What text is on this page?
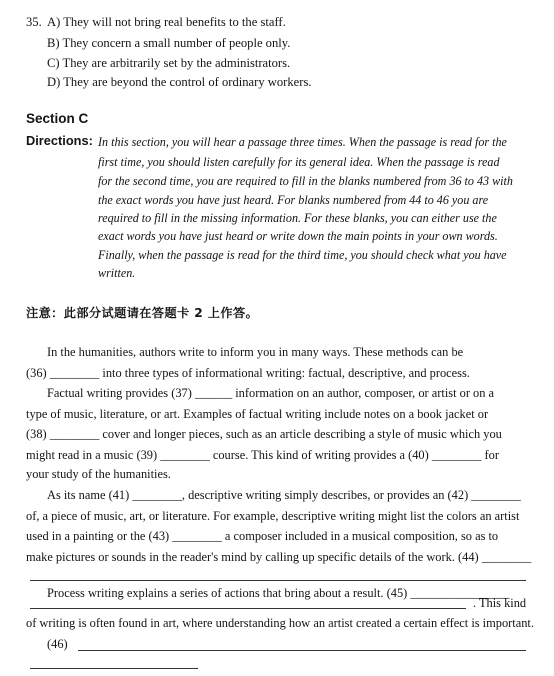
35. A) They will not bring real benefits to the staff.
B) They concern a small number of people only.
C) They are arbitrarily set by the administrators.
D) They are beyond the control of ordinary workers.
Section C
Directions: In this section, you will hear a passage three times. When the passage is read for the
first time, you should listen carefully for its general idea. When the passage is read
for the second time, you are required to fill in the blanks numbered from 36 to 43 with
the exact words you have just heard. For blanks numbered from 44 to 46 you are
required to fill in the missing information. For these blanks, you can either use the
exact words you have just heard or write down the main points in your own words.
Finally, when the passage is read for the third time, you should check what you have
written.
注意：此部分试题请在答题卡 2 上作答。
In the humanities, authors write to inform you in many ways. These methods can be
(36) ________ into three types of informational writing: factual, descriptive, and process.
Factual writing provides (37) ______ information on an author, composer, or artist or on a
type of music, literature, or art. Examples of factual writing include notes on a book jacket or
(38) ________ cover and longer pieces, such as an article describing a style of music which you
might read in a music (39) ________ course. This kind of writing provides a (40) ________ for
your study of the humanities.
As its name (41) ________, descriptive writing simply describes, or provides an (42) ________
of, a piece of music, art, or literature. For example, descriptive writing might list the colors an artist
used in a painting or the (43) ________ a composer included in a musical composition, so as to
make pictures or sounds in the reader's mind by calling up specific details of the work. (44) ________
Process writing explains a series of actions that bring about a result. (45) ________________
. This kind
of writing is often found in art, where understanding how an artist created a certain effect is important.
(46)
